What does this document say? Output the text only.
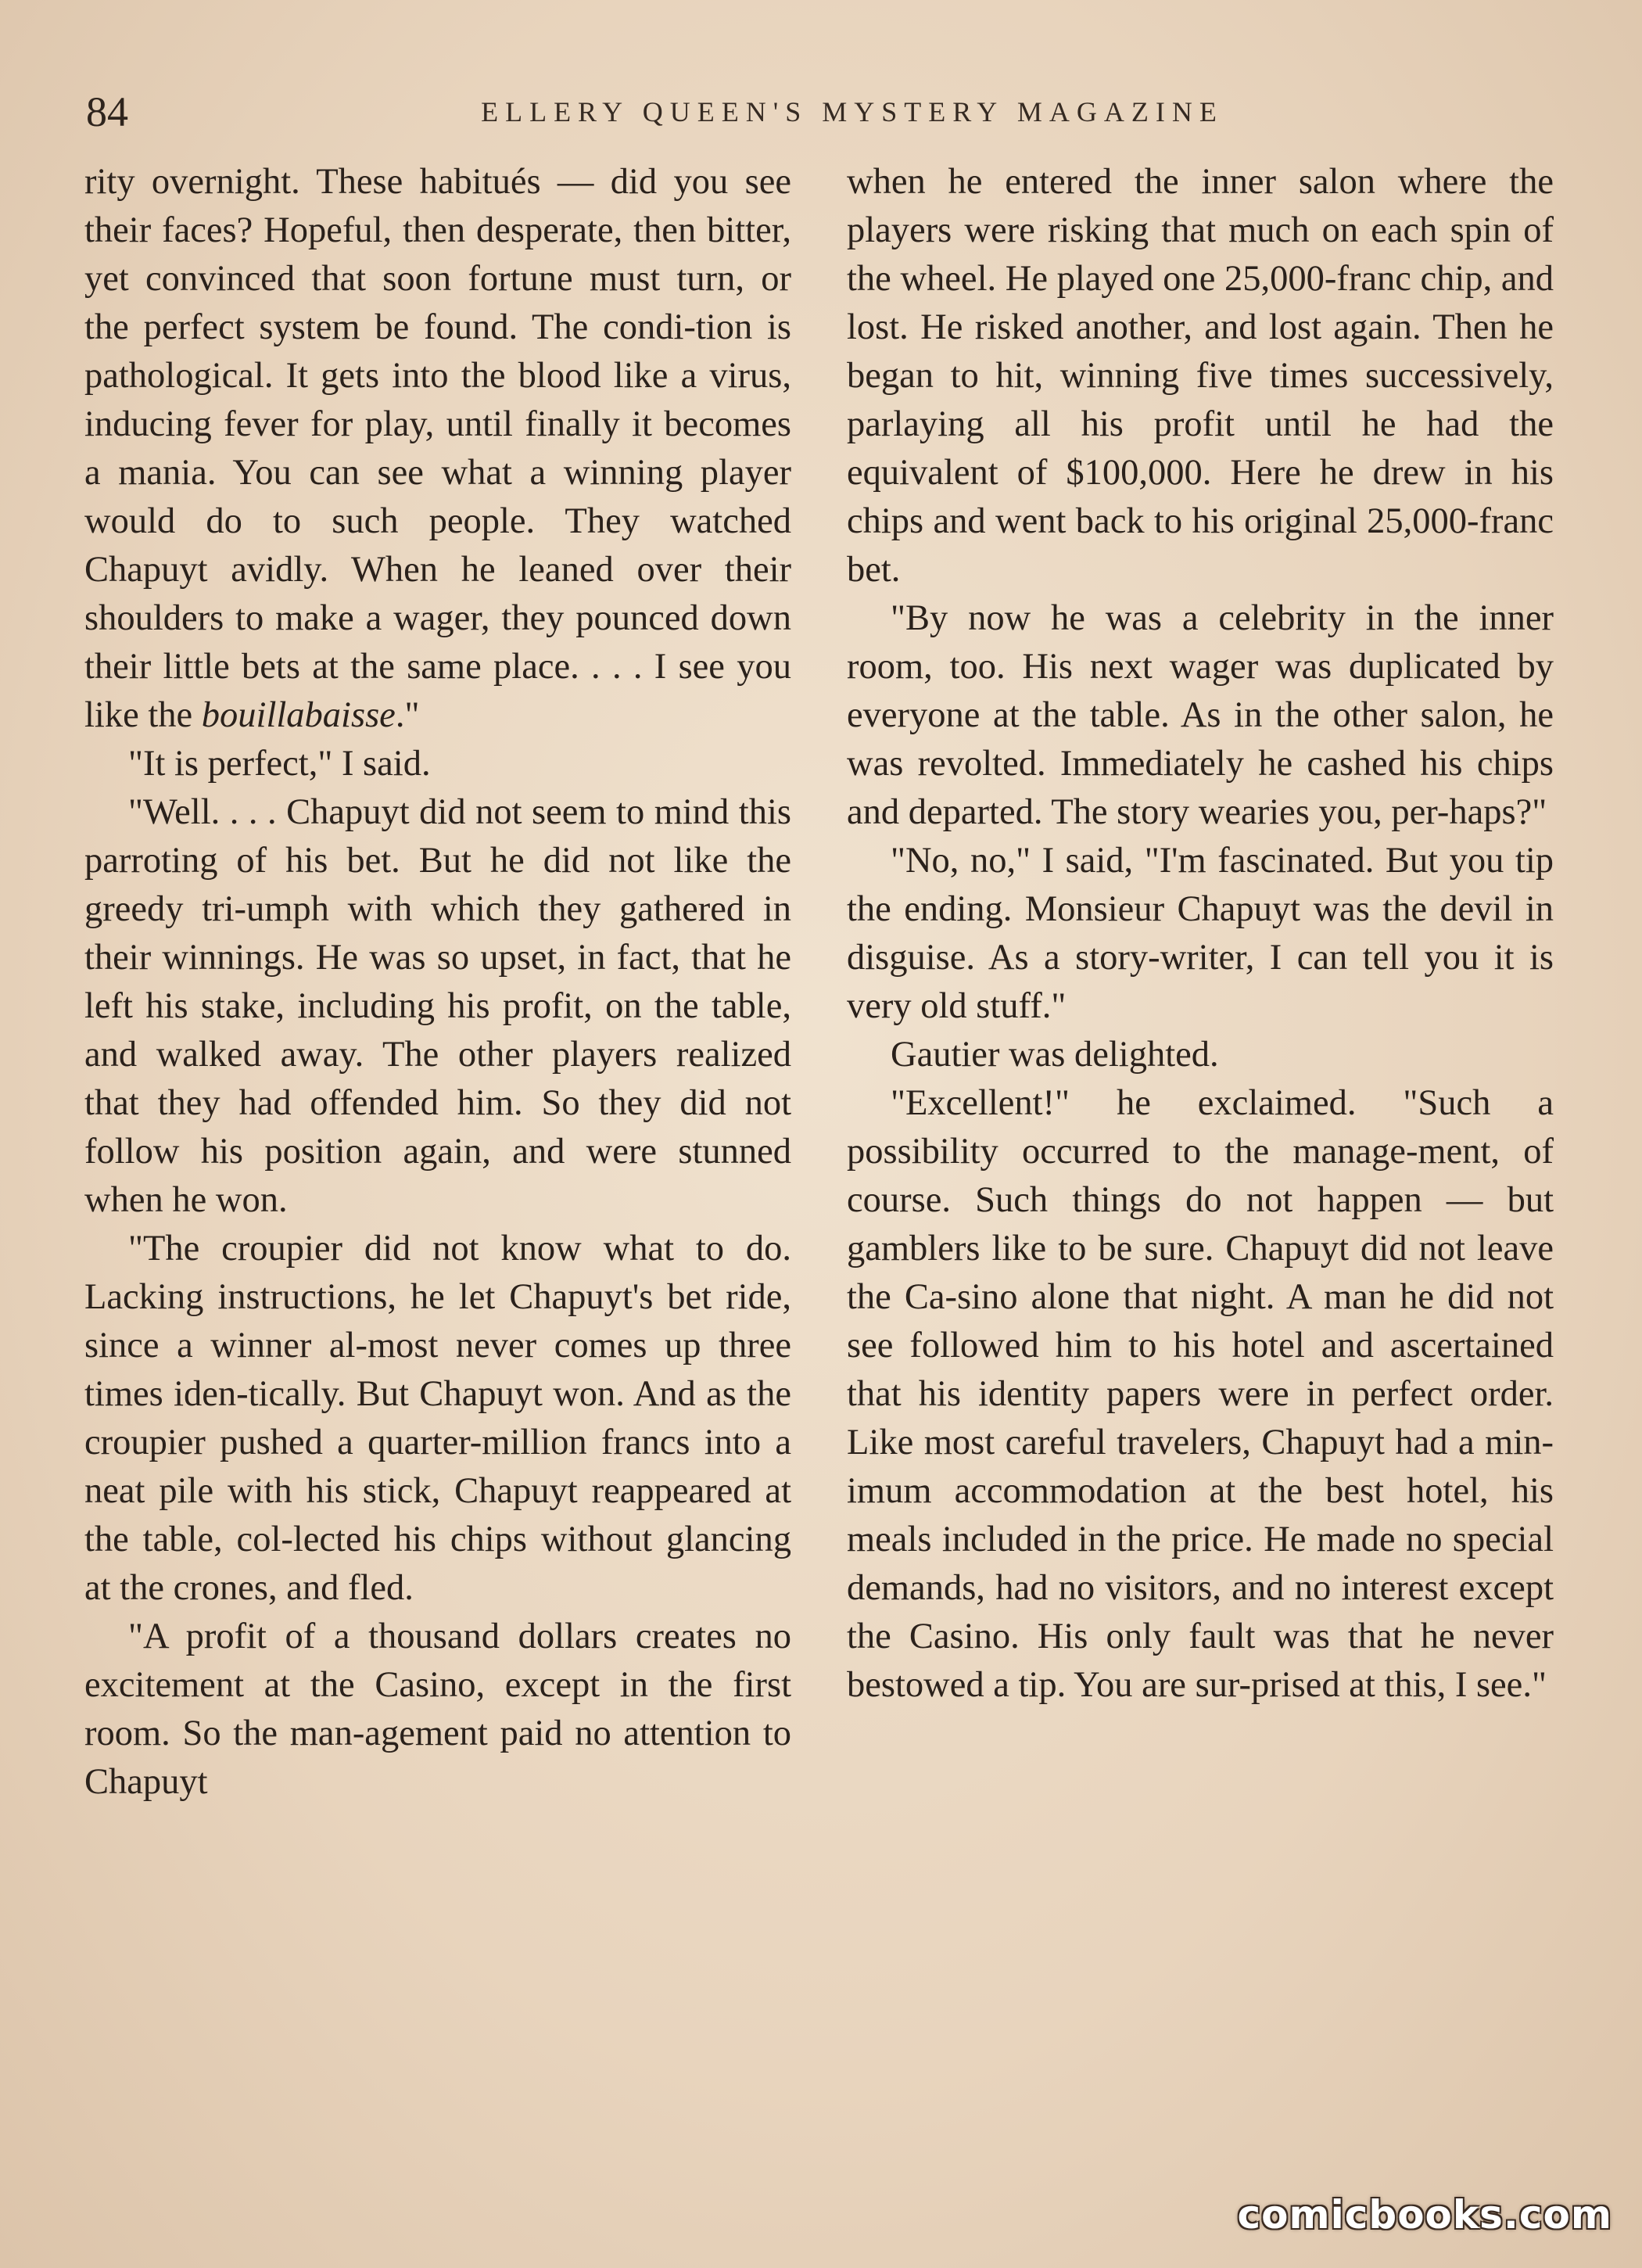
84	ELLERY QUEEN'S MYSTERY MAGAZINE

rity overnight. These habitués — did you see their faces? Hopeful, then desperate, then bitter, yet convinced that soon fortune must turn, or the perfect system be found. The condi-tion is pathological. It gets into the blood like a virus, inducing fever for play, until finally it becomes a mania. You can see what a winning player would do to such people. They watched Chapuyt avidly. When he leaned over their shoulders to make a wager, they pounced down their little bets at the same place. . . . I see you like the bouillabaisse."

"It is perfect," I said.

"Well. . . . Chapuyt did not seem to mind this parroting of his bet. But he did not like the greedy tri-umph with which they gathered in their winnings. He was so upset, in fact, that he left his stake, including his profit, on the table, and walked away. The other players realized that they had offended him. So they did not follow his position again, and were stunned when he won.

"The croupier did not know what to do. Lacking instructions, he let Chapuyt's bet ride, since a winner al-most never comes up three times iden-tically. But Chapuyt won. And as the croupier pushed a quarter-million francs into a neat pile with his stick, Chapuyt reappeared at the table, col-lected his chips without glancing at the crones, and fled.

"A profit of a thousand dollars creates no excitement at the Casino, except in the first room. So the man-agement paid no attention to Chapuyt

when he entered the inner salon where the players were risking that much on each spin of the wheel. He played one 25,000-franc chip, and lost. He risked another, and lost again. Then he began to hit, winning five times successively, parlaying all his profit until he had the equivalent of $100,000. Here he drew in his chips and went back to his original 25,000-franc bet.

"By now he was a celebrity in the inner room, too. His next wager was duplicated by everyone at the table. As in the other salon, he was revolted. Immediately he cashed his chips and departed. The story wearies you, per-haps?"

"No, no," I said, "I'm fascinated. But you tip the ending. Monsieur Chapuyt was the devil in disguise. As a story-writer, I can tell you it is very old stuff."

Gautier was delighted.

"Excellent!" he exclaimed. "Such a possibility occurred to the manage-ment, of course. Such things do not happen — but gamblers like to be sure. Chapuyt did not leave the Ca-sino alone that night. A man he did not see followed him to his hotel and ascertained that his identity papers were in perfect order. Like most careful travelers, Chapuyt had a min-imum accommodation at the best hotel, his meals included in the price. He made no special demands, had no visitors, and no interest except the Casino. His only fault was that he never bestowed a tip. You are sur-prised at this, I see."

comicbooks.com
